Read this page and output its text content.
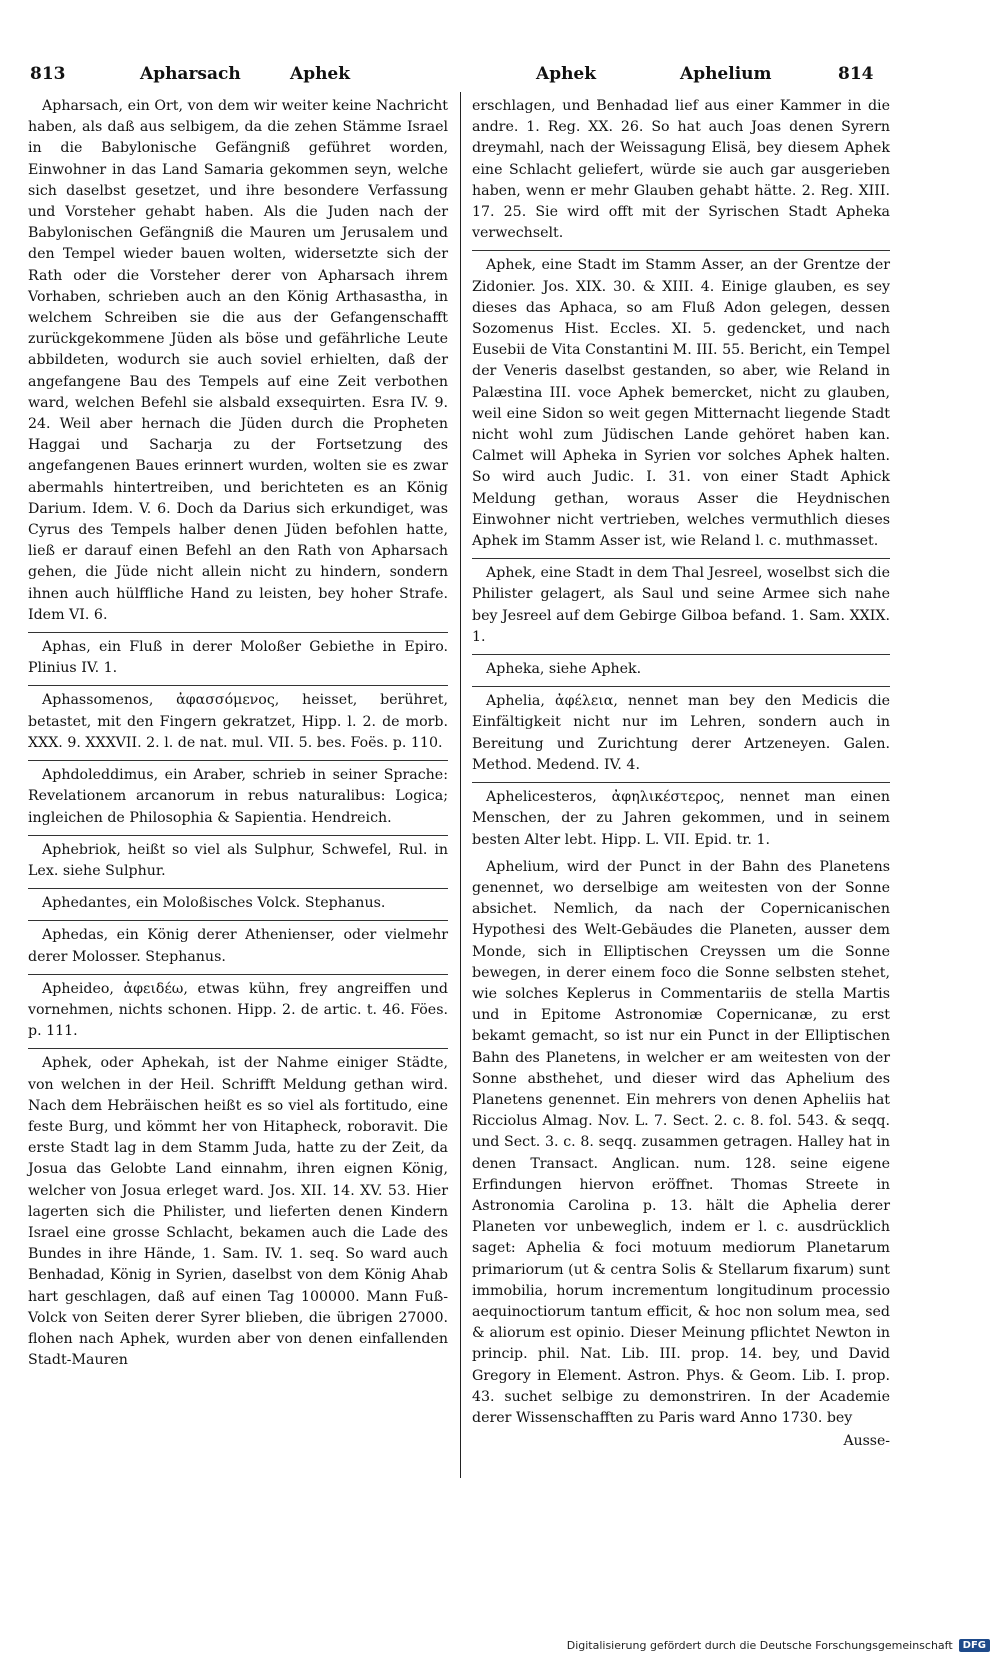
813	Apharsach	Aphek	Aphek	Aphelium	814

Apharsach, ein Ort, von dem wir weiter keine Nachricht haben, als daß aus selbigem, da die zehen Stämme Israel in die Babylonische Gefängniß geführet worden, Einwohner in das Land Samaria gekommen seyn, welche sich daselbst gesetzet, und ihre besondere Verfassung und Vorsteher gehabt haben. Als die Juden nach der Babylonischen Gefängniß die Mauren um Jerusalem und den Tempel wieder bauen wolten, widersetzte sich der Rath oder die Vorsteher derer von Apharsach ihrem Vorhaben, schrieben auch an den König Arthasastha, in welchem Schreiben sie die aus der Gefangenschafft zurückgekommene Jüden als böse und gefährliche Leute abbildeten, wodurch sie auch soviel erhielten, daß der angefangene Bau des Tempels auf eine Zeit verbothen ward, welchen Befehl sie alsbald exsequirten. Esra IV. 9. 24. Weil aber hernach die Jüden durch die Propheten Haggai und Sacharja zu der Fortsetzung des angefangenen Baues erinnert wurden, wolten sie es zwar abermahls hintertreiben, und berichteten es an König Darium. Idem. V. 6. Doch da Darius sich erkundiget, was Cyrus des Tempels halber denen Jüden befohlen hatte, ließ er darauf einen Befehl an den Rath von Apharsach gehen, die Jüde nicht allein nicht zu hindern, sondern ihnen auch hülffliche Hand zu leisten, bey hoher Strafe. Idem VI. 6.

Aphas, ein Fluß in derer Moloßer Gebiethe in Epiro. Plinius IV. 1.

Aphassomenos, ἀφασσόμενος, heisset, berühret, betastet, mit den Fingern gekratzet, Hipp. l. 2. de morb. XXX. 9. XXXVII. 2. l. de nat. mul. VII. 5. bes. Foës. p. 110.

Aphdoleddimus, ein Araber, schrieb in seiner Sprache: Revelationem arcanorum in rebus naturalibus: Logica; ingleichen de Philosophia & Sapientia. Hendreich.

Aphebriok, heißt so viel als Sulphur, Schwefel, Rul. in Lex. siehe Sulphur.

Aphedantes, ein Moloßisches Volck. Stephanus.

Aphedas, ein König derer Athenienser, oder vielmehr derer Molosser. Stephanus.

Apheideo, ἀφειδέω, etwas kühn, frey angreiffen und vornehmen, nichts schonen. Hipp. 2. de artic. t. 46. Föes. p. 111.

Aphek, oder Aphekah, ist der Nahme einiger Städte, von welchen in der Heil. Schrifft Meldung gethan wird. Nach dem Hebräischen heißt es so viel als fortitudo, eine feste Burg, und kömmt her von Hitapheck, roboravit. Die erste Stadt lag in dem Stamm Juda, hatte zu der Zeit, da Josua das Gelobte Land einnahm, ihren eignen König, welcher von Josua erleget ward. Jos. XII. 14. XV. 53. Hier lagerten sich die Philister, und lieferten denen Kindern Israel eine grosse Schlacht, bekamen auch die Lade des Bundes in ihre Hände, 1. Sam. IV. 1. seq. So ward auch Benhadad, König in Syrien, daselbst von dem König Ahab hart geschlagen, daß auf einen Tag 100000. Mann Fuß-Volck von Seiten derer Syrer blieben, die übrigen 27000. flohen nach Aphek, wurden aber von denen einfallenden Stadt-Mauren

erschlagen, und Benhadad lief aus einer Kammer in die andre. 1. Reg. XX. 26. So hat auch Joas denen Syrern dreymahl, nach der Weissagung Elisä, bey diesem Aphek eine Schlacht geliefert, würde sie auch gar ausgerieben haben, wenn er mehr Glauben gehabt hätte. 2. Reg. XIII. 17. 25. Sie wird offt mit der Syrischen Stadt Apheka verwechselt.

Aphek, eine Stadt im Stamm Asser, an der Grentze der Zidonier. Jos. XIX. 30. & XIII. 4. Einige glauben, es sey dieses das Aphaca, so am Fluß Adon gelegen, dessen Sozomenus Hist. Eccles. XI. 5. gedencket, und nach Eusebii de Vita Constantini M. III. 55. Bericht, ein Tempel der Veneris daselbst gestanden, so aber, wie Reland in Palæstina III. voce Aphek bemercket, nicht zu glauben, weil eine Sidon so weit gegen Mitternacht liegende Stadt nicht wohl zum Jüdischen Lande gehöret haben kan. Calmet will Apheka in Syrien vor solches Aphek halten. So wird auch Judic. I. 31. von einer Stadt Aphick Meldung gethan, woraus Asser die Heydnischen Einwohner nicht vertrieben, welches vermuthlich dieses Aphek im Stamm Asser ist, wie Reland l. c. muthmasset.

Aphek, eine Stadt in dem Thal Jesreel, woselbst sich die Philister gelagert, als Saul und seine Armee sich nahe bey Jesreel auf dem Gebirge Gilboa befand. 1. Sam. XXIX. 1.

Apheka, siehe Aphek.

Aphelia, ἀφέλεια, nennet man bey den Medicis die Einfältigkeit nicht nur im Lehren, sondern auch in Bereitung und Zurichtung derer Artzeneyen. Galen. Method. Medend. IV. 4.

Aphelicesteros, ἀφηλικέστερος, nennet man einen Menschen, der zu Jahren gekommen, und in seinem besten Alter lebt. Hipp. L. VII. Epid. tr. 1.

Aphelium, wird der Punct in der Bahn des Planetens genennet, wo derselbige am weitesten von der Sonne absichet. Nemlich, da nach der Copernicanischen Hypothesi des Welt-Gebäudes die Planeten, ausser dem Monde, sich in Elliptischen Creyssen um die Sonne bewegen, in derer einem foco die Sonne selbsten stehet, wie solches Keplerus in Commentariis de stella Martis und in Epitome Astronomiæ Copernicanæ, zu erst bekamt gemacht, so ist nur ein Punct in der Elliptischen Bahn des Planetens, in welcher er am weitesten von der Sonne absthehet, und dieser wird das Aphelium des Planetens genennet. Ein mehrers von denen Apheliis hat Ricciolus Almag. Nov. L. 7. Sect. 2. c. 8. fol. 543. & seqq. und Sect. 3. c. 8. seqq. zusammen getragen. Halley hat in denen Transact. Anglican. num. 128. seine eigene Erfindungen hiervon eröffnet. Thomas Streete in Astronomia Carolina p. 13. hält die Aphelia derer Planeten vor unbeweglich, indem er l. c. ausdrücklich saget: Aphelia & foci motuum mediorum Planetarum primariorum (ut & centra Solis & Stellarum fixarum) sunt immobilia, horum incrementum longitudinum processio aequinoctiorum tantum efficit, & hoc non solum mea, sed & aliorum est opinio. Dieser Meinung pflichtet Newton in princip. phil. Nat. Lib. III. prop. 14. bey, und David Gregory in Element. Astron. Phys. & Geom. Lib. I. prop. 43. suchet selbige zu demonstriren. In der Academie derer Wissenschafften zu Paris ward Anno 1730. bey

Ausse-
Digitalisierung gefördert durch die Deutsche Forschungsgemeinschaft	DFG
